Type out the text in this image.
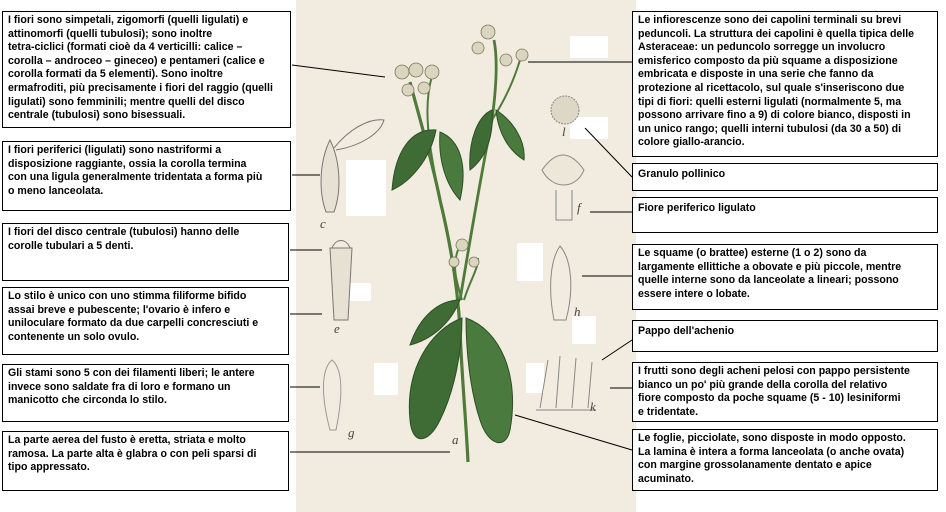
a
c
e
f
g
h
k
l
I fiori sono simpetali, zigomorfi (quelli ligulati) e
attinomorfi (quelli tubulosi); sono inoltre
tetra-ciclici (formati cioè da 4 verticilli: calice –
corolla – androceo – gineceo) e pentameri (calice e
corolla formati da 5 elementi). Sono inoltre
ermafroditi, più precisamente i fiori del raggio (quelli
ligulati) sono femminili; mentre quelli del disco
centrale (tubulosi) sono bisessuali.
I fiori periferici (ligulati) sono nastriformi a
disposizione raggiante, ossia la corolla termina
con una ligula generalmente tridentata a forma più
o meno lanceolata.
I fiori del disco centrale (tubulosi) hanno delle
corolle tubulari a 5 denti.
Lo stilo è unico con uno stimma filiforme bifido
assai breve e pubescente; l'ovario è infero e
uniloculare formato da due carpelli concresciuti e
contenente un solo ovulo.
Gli stami sono 5 con dei filamenti liberi; le antere
invece sono saldate fra di loro e formano un
manicotto che circonda lo stilo.
La parte aerea del fusto è eretta, striata e molto
ramosa. La parte alta è glabra o con peli sparsi di
tipo appressato.
Le infiorescenze sono dei capolini terminali su brevi
peduncoli. La struttura dei capolini è quella tipica delle
Asteraceae: un peduncolo sorregge un involucro
emisferico composto da più squame a disposizione
embricata e disposte in una serie che fanno da
protezione al ricettacolo, sul quale s'inseriscono due
tipi di fiori: quelli esterni ligulati (normalmente 5, ma
possono arrivare fino a 9) di colore bianco, disposti in
un unico rango; quelli interni tubulosi (da 30 a 50) di
colore giallo-arancio.
Granulo pollinico
Fiore periferico ligulato
Le squame (o brattee) esterne (1 o 2) sono da
largamente ellittiche a obovate e più piccole, mentre
quelle interne sono da lanceolate a lineari; possono
essere intere o lobate.
Pappo dell'achenio
I frutti sono degli acheni pelosi con pappo persistente
bianco un po' più grande della corolla del relativo
fiore composto da poche squame (5 - 10) lesiniformi
e tridentate.
Le foglie, picciolate, sono disposte in modo opposto.
La lamina è intera a forma lanceolata (o anche ovata)
con margine grossolanamente dentato e apice
acuminato.
